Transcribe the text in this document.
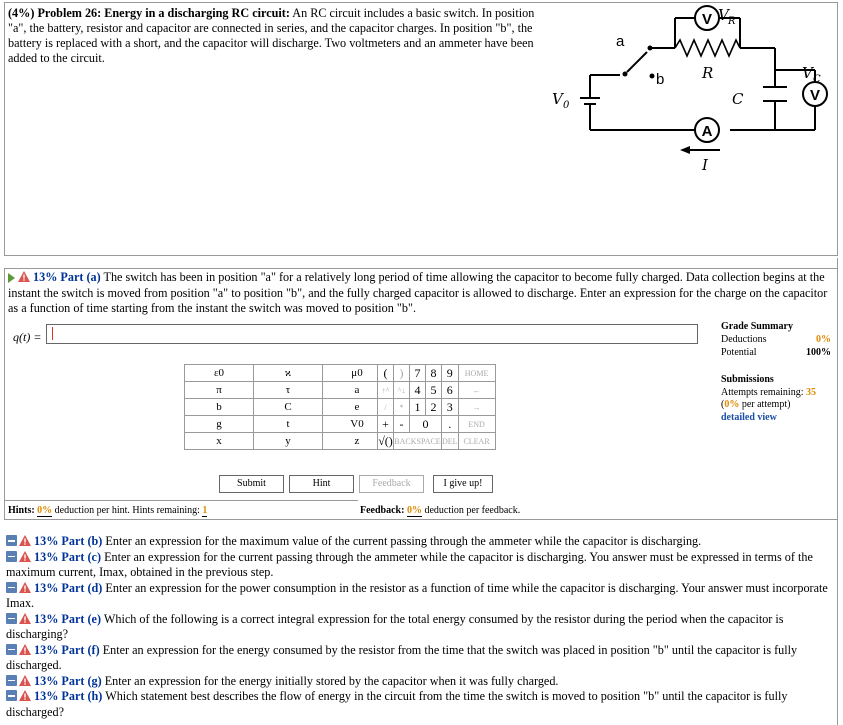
(4%) Problem 26: Energy in a discharging RC circuit: An RC circuit includes a basic switch. In position "a", the battery, resistor and capacitor are connected in series, and the capacitor charges. In position "b", the battery is replaced with a short, and the capacitor will discharge. Two voltmeters and an ammeter have been added to the circuit.
V
V
A
V R
R
C
V 0
V C
I
a
b
13% Part (a) The switch has been in position "a" for a relatively long period of time allowing the capacitor to become fully charged. Data collection begins at the instant the switch is moved from position "a" to position "b", and the fully charged capacitor is allowed to discharge. Enter an expression for the charge on the capacitor as a function of time starting from the instant the switch was moved to position "b".
q(t) =
ε0	ϰ	μ0
π	τ	a
b	C	e
g	t	V0
x	y	z
(	)	7	8	9	HOME
↑^	^↓	4	5	6	←
/	*	1	2	3	→
+	-	0		.	END
√()	BACKSPACE			DEL	CLEAR
Submit	Hint	Feedback	I give up!
Grade Summary
Deductions	0%
Potential	100%
Submissions
Attempts remaining: 35
(0% per attempt)
detailed view
Hints: 0% deduction per hint. Hints remaining: 1	Feedback: 0% deduction per feedback.

13% Part (b) Enter an expression for the maximum value of the current passing through the ammeter while the capacitor is discharging.

13% Part (c) Enter an expression for the current passing through the ammeter while the capacitor is discharging. You answer must be expressed in terms of the maximum current, Imax, obtained in the previous step.

13% Part (d) Enter an expression for the power consumption in the resistor as a function of time while the capacitor is discharging. Your answer must incorporate Imax.

13% Part (e) Which of the following is a correct integral expression for the total energy consumed by the resistor during the period when the capacitor is discharging?

13% Part (f) Enter an expression for the energy consumed by the resistor from the time that the switch was placed in position "b" until the capacitor is fully discharged.

13% Part (g) Enter an expression for the energy initially stored by the capacitor when it was fully charged.

13% Part (h) Which statement best describes the flow of energy in the circuit from the time the switch is moved to position "b" until the capacitor is fully discharged?
